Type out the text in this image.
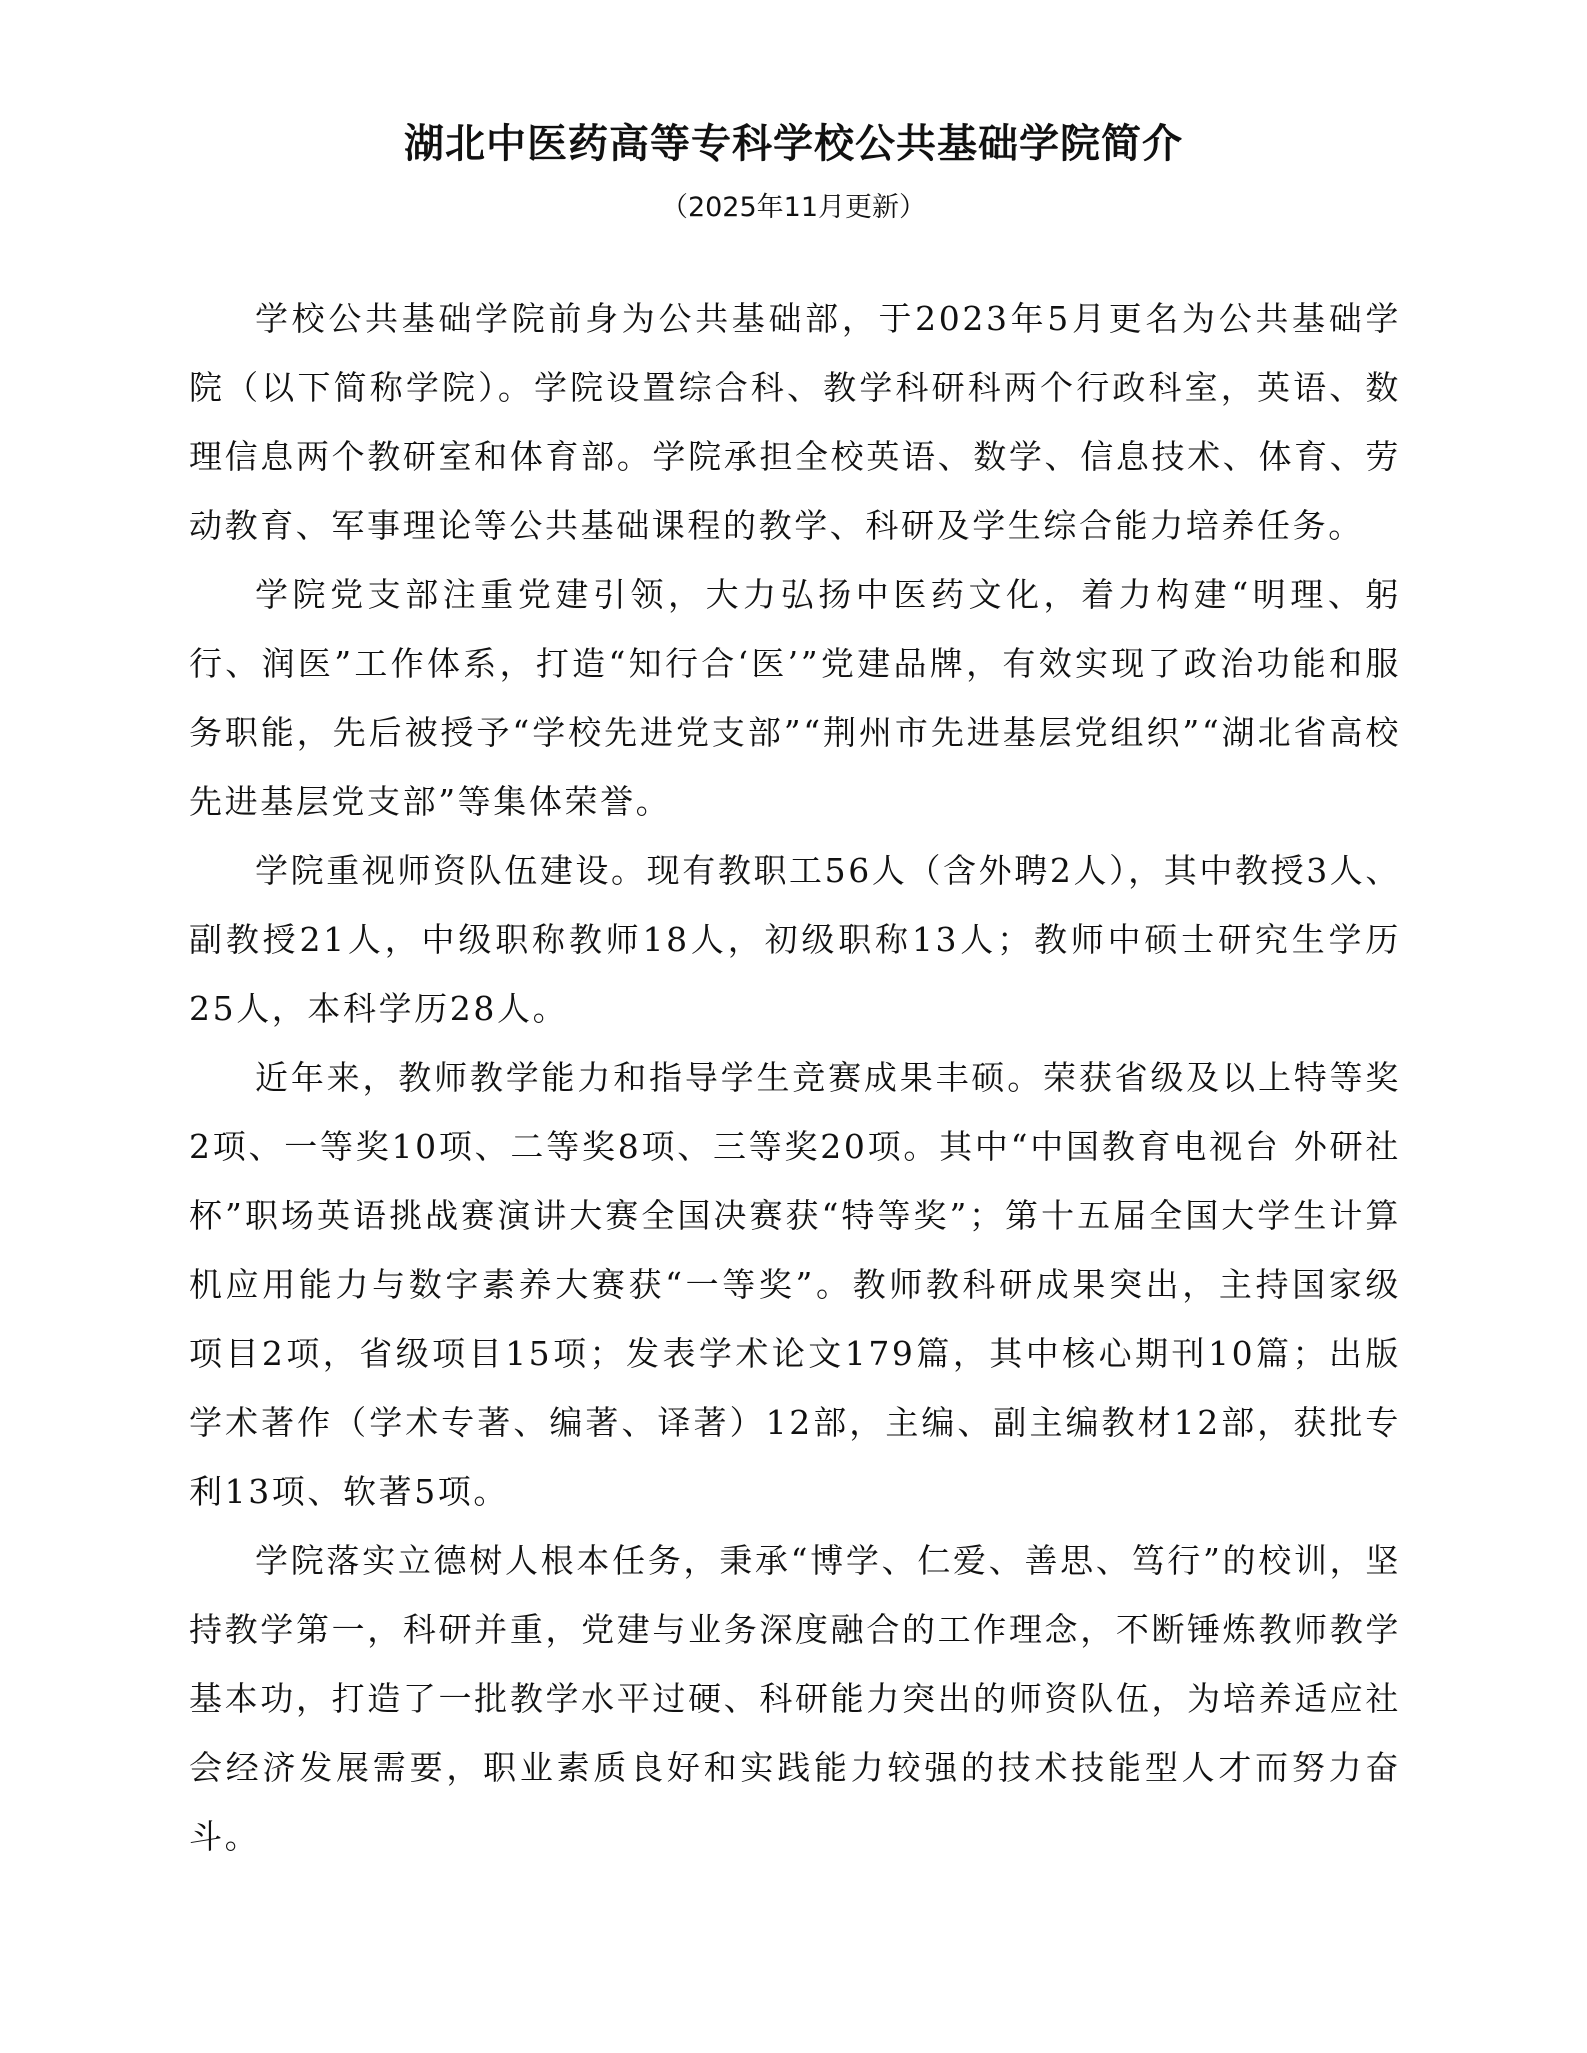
湖北中医药高等专科学校公共基础学院简介
（2025年11月更新）

学校公共基础学院前身为公共基础部，于2023年5月更名为公共基础学院（以下简称学院）。学院设置综合科、教学科研科两个行政科室，英语、数理信息两个教研室和体育部。学院承担全校英语、数学、信息技术、体育、劳动教育、军事理论等公共基础课程的教学、科研及学生综合能力培养任务。

学院党支部注重党建引领，大力弘扬中医药文化，着力构建“明理、躬行、润医”工作体系，打造“知行合‘医’”党建品牌，有效实现了政治功能和服务职能，先后被授予“学校先进党支部”“荆州市先进基层党组织”“湖北省高校先进基层党支部”等集体荣誉。

学院重视师资队伍建设。现有教职工56人（含外聘2人），其中教授3人、副教授21人，中级职称教师18人，初级职称13人；教师中硕士研究生学历25人，本科学历28人。

近年来，教师教学能力和指导学生竞赛成果丰硕。荣获省级及以上特等奖2项、一等奖10项、二等奖8项、三等奖20项。其中“中国教育电视台 外研社杯”职场英语挑战赛演讲大赛全国决赛获“特等奖”；第十五届全国大学生计算机应用能力与数字素养大赛获“一等奖”。教师教科研成果突出，主持国家级项目2项，省级项目15项；发表学术论文179篇，其中核心期刊10篇；出版学术著作（学术专著、编著、译著）12部，主编、副主编教材12部，获批专利13项、软著5项。

学院落实立德树人根本任务，秉承“博学、仁爱、善思、笃行”的校训，坚持教学第一，科研并重，党建与业务深度融合的工作理念，不断锤炼教师教学基本功，打造了一批教学水平过硬、科研能力突出的师资队伍，为培养适应社会经济发展需要，职业素质良好和实践能力较强的技术技能型人才而努力奋斗。
